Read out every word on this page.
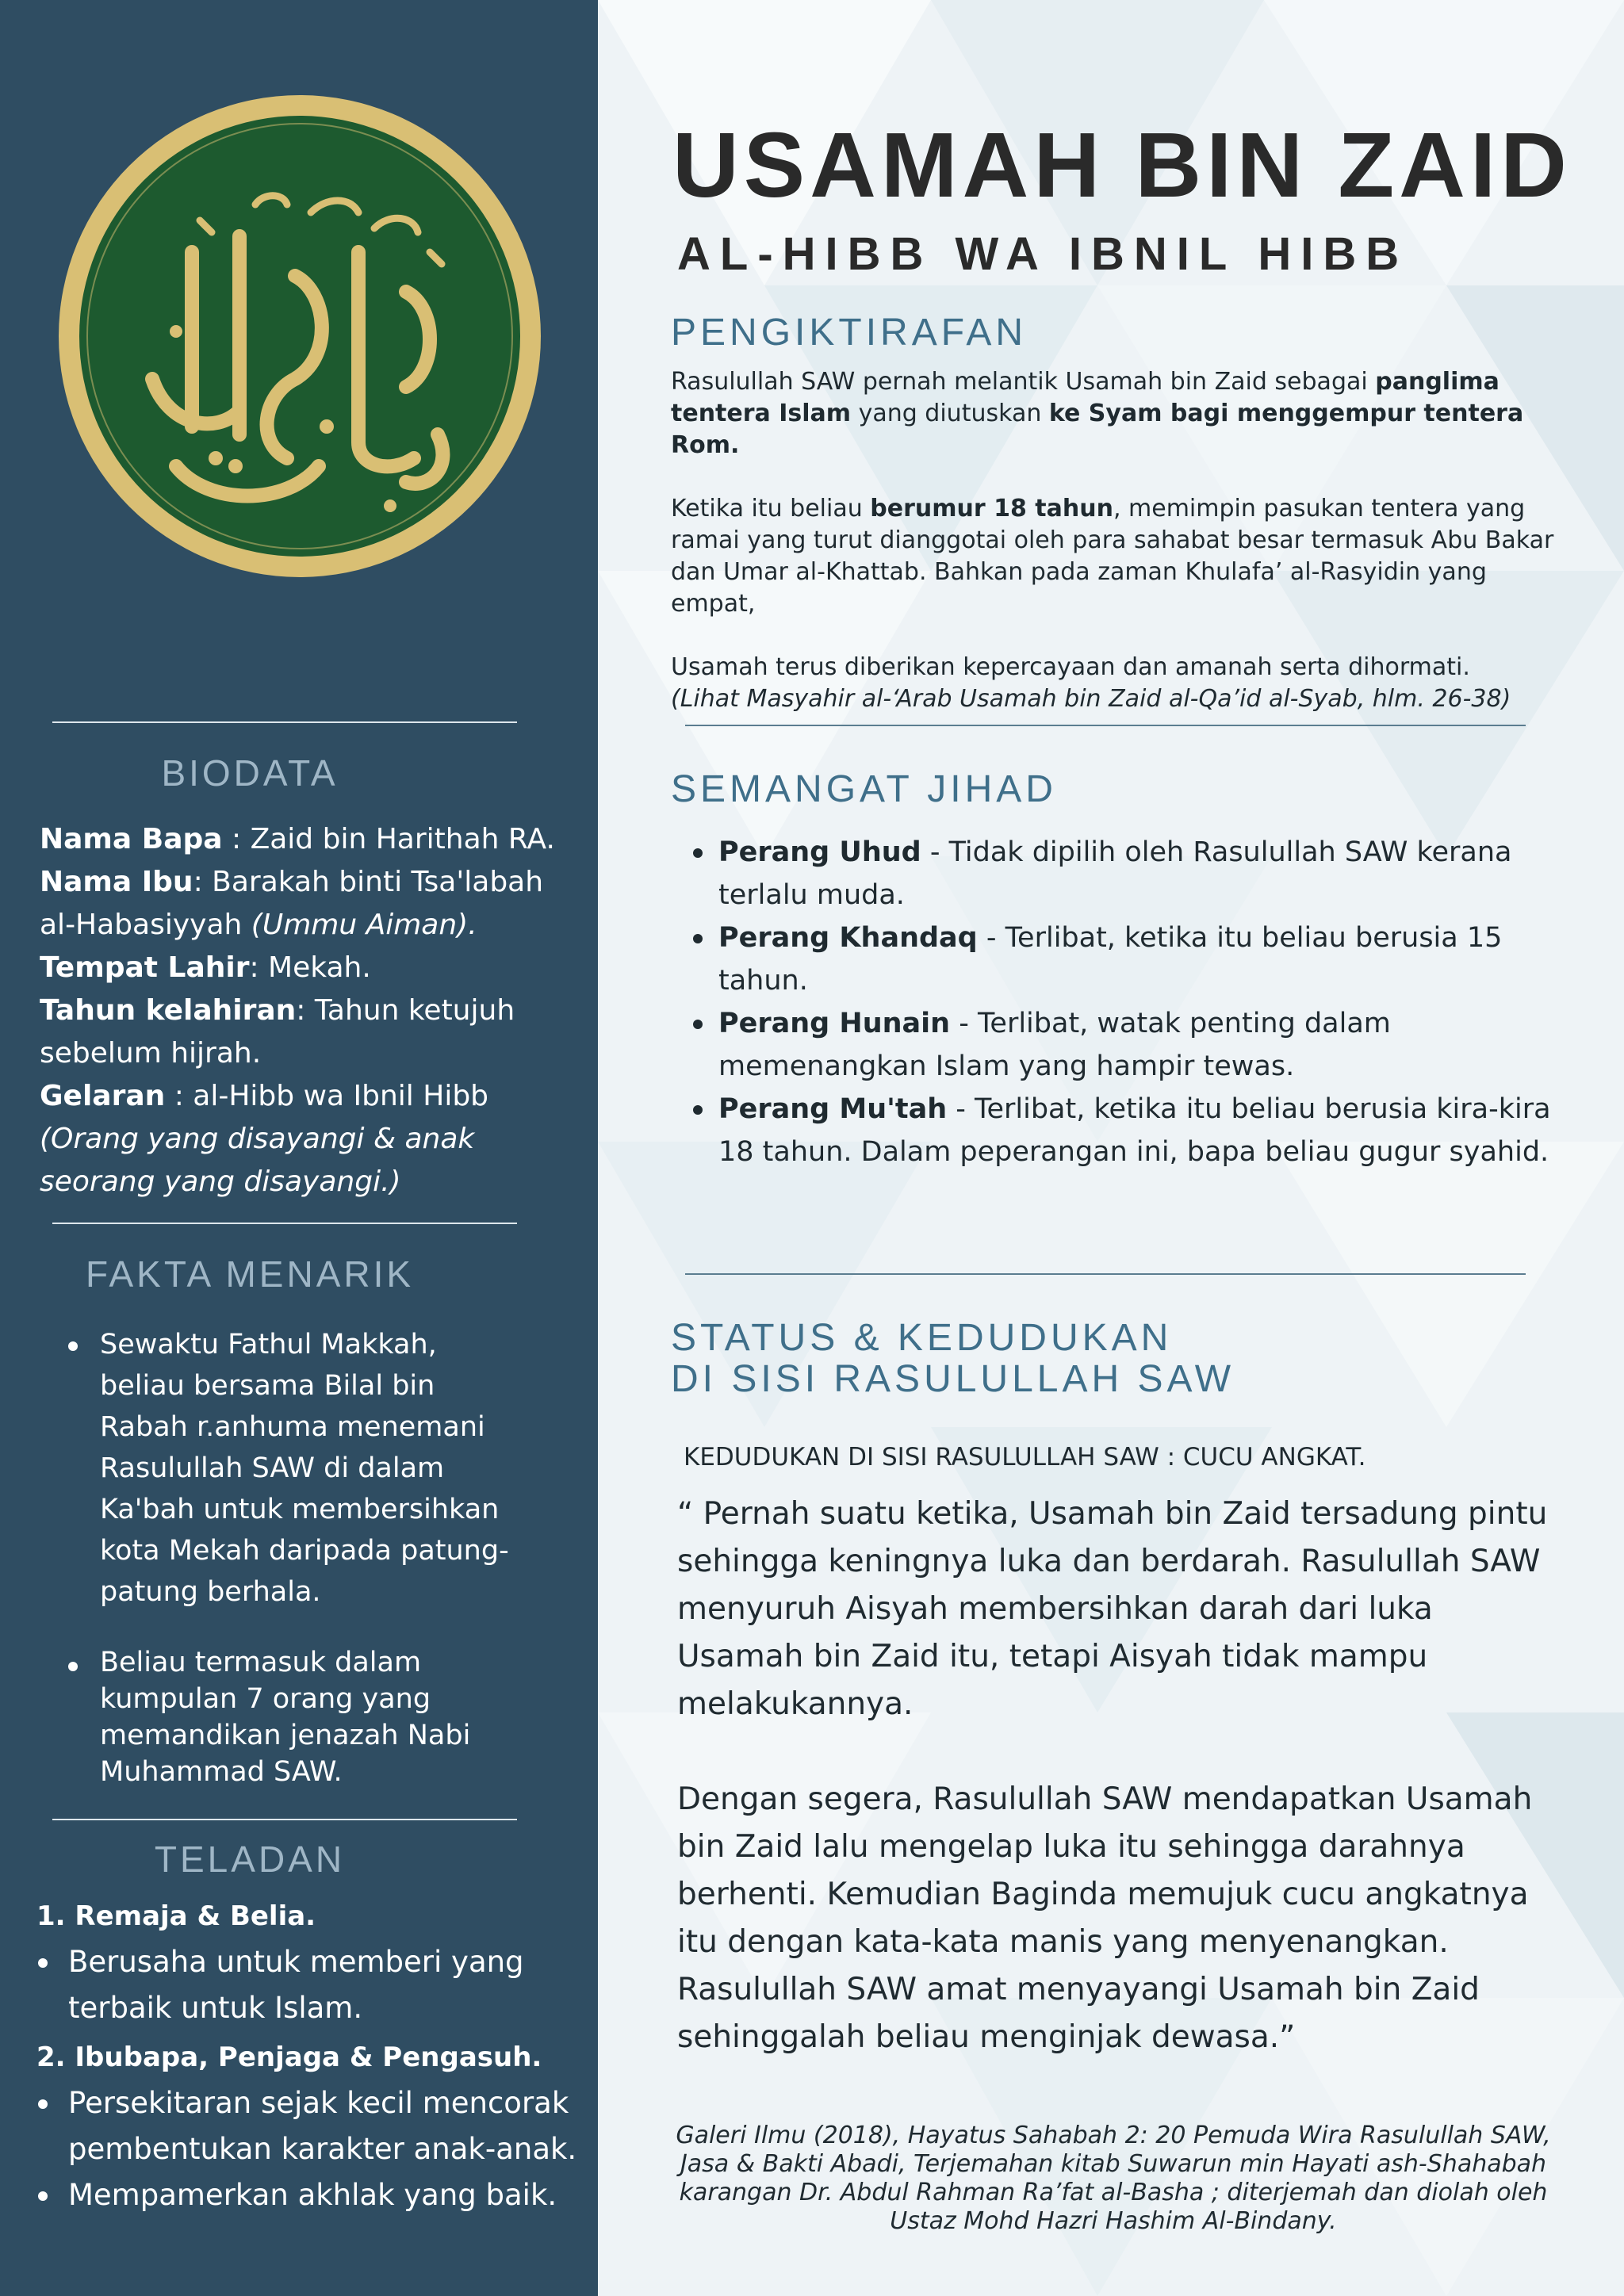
BIODATA
Nama Bapa : Zaid bin Harithah RA.
Nama Ibu: Barakah binti Tsa'labah al-Habasiyyah (Ummu Aiman).
Tempat Lahir: Mekah.
Tahun kelahiran: Tahun ketujuh sebelum hijrah.
Gelaran : al-Hibb wa Ibnil Hibb (Orang yang disayangi & anak seorang yang disayangi.)
FAKTA MENARIK
Sewaktu Fathul Makkah, beliau bersama Bilal bin Rabah r.anhuma menemani Rasulullah SAW di dalam Ka'bah untuk membersihkan kota Mekah daripada patung-patung berhala.
Beliau termasuk dalam kumpulan 7 orang yang memandikan jenazah Nabi Muhammad SAW.
TELADAN
1. Remaja & Belia.
Berusaha untuk memberi yang terbaik untuk Islam.
2. Ibubapa, Penjaga & Pengasuh.
Persekitaran sejak kecil mencorak pembentukan karakter anak-anak.
Mempamerkan akhlak yang baik.
USAMAH BIN ZAID
AL-HIBB WA IBNIL HIBB
PENGIKTIRAFAN

Rasulullah SAW pernah melantik Usamah bin Zaid sebagai panglima tentera Islam yang diutuskan ke Syam bagi menggempur tentera Rom.

Ketika itu beliau berumur 18 tahun, memimpin pasukan tentera yang ramai yang turut dianggotai oleh para sahabat besar termasuk Abu Bakar dan Umar al-Khattab. Bahkan pada zaman Khulafa’ al-Rasyidin yang empat,

Usamah terus diberikan kepercayaan dan amanah serta dihormati.
(Lihat Masyahir al-‘Arab Usamah bin Zaid al-Qa’id al-Syab, hlm. 26-38)

SEMANGAT JIHAD
Perang Uhud - Tidak dipilih oleh Rasulullah SAW kerana terlalu muda.
Perang Khandaq - Terlibat, ketika itu beliau berusia 15 tahun.
Perang Hunain - Terlibat, watak penting dalam memenangkan Islam yang hampir tewas.
Perang Mu'tah - Terlibat, ketika itu beliau berusia kira-kira 18 tahun. Dalam peperangan ini, bapa beliau gugur syahid.
STATUS & KEDUDUKAN
DI SISI RASULULLAH SAW
KEDUDUKAN DI SISI RASULULLAH SAW : CUCU ANGKAT.

“ Pernah suatu ketika, Usamah bin Zaid tersadung pintu sehingga keningnya luka dan berdarah. Rasulullah SAW menyuruh Aisyah membersihkan darah dari luka Usamah bin Zaid itu, tetapi Aisyah tidak mampu melakukannya.

Dengan segera, Rasulullah SAW mendapatkan Usamah bin Zaid lalu mengelap luka itu sehingga darahnya berhenti. Kemudian Baginda memujuk cucu angkatnya itu dengan kata-kata manis yang menyenangkan. Rasulullah SAW amat menyayangi Usamah bin Zaid sehinggalah beliau menginjak dewasa.”

Galeri Ilmu (2018), Hayatus Sahabah 2: 20 Pemuda Wira Rasulullah SAW, Jasa & Bakti Abadi, Terjemahan kitab Suwarun min Hayati ash-Shahabah karangan Dr. Abdul Rahman Ra’fat al-Basha ; diterjemah dan diolah oleh Ustaz Mohd Hazri Hashim Al-Bindany.
